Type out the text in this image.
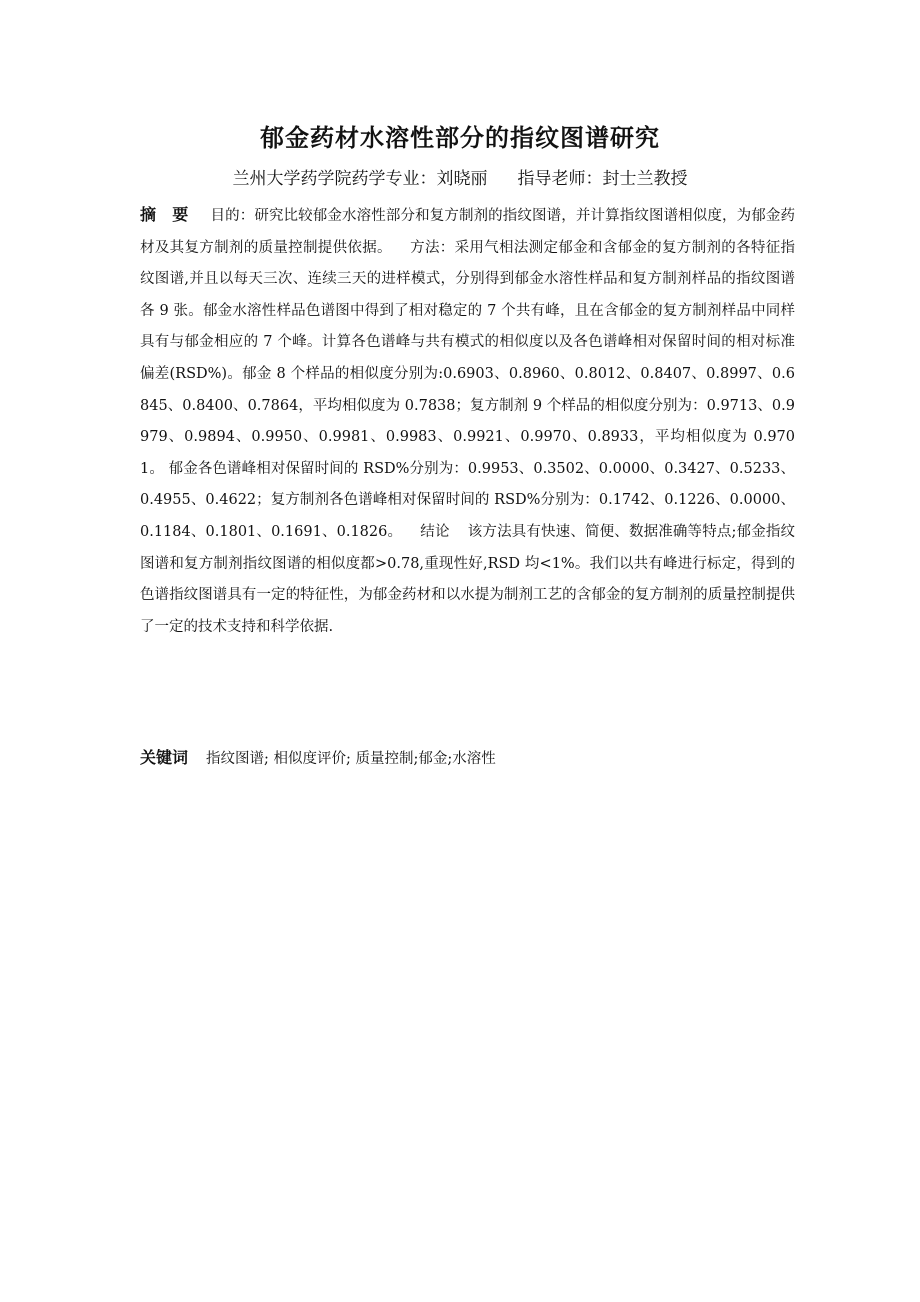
郁金药材水溶性部分的指纹图谱研究

兰州大学药学院药学专业：刘晓丽 指导老师：封士兰教授

摘　要 目的：研究比较郁金水溶性部分和复方制剂的指纹图谱，并计算指纹图谱相似度，为郁金药材及其复方制剂的质量控制提供依据。 方法：采用气相法测定郁金和含郁金的复方制剂的各特征指纹图谱,并且以每天三次、连续三天的进样模式，分别得到郁金水溶性样品和复方制剂样品的指纹图谱各 9 张。郁金水溶性样品色谱图中得到了相对稳定的 7 个共有峰，且在含郁金的复方制剂样品中同样具有与郁金相应的 7 个峰。计算各色谱峰与共有模式的相似度以及各色谱峰相对保留时间的相对标准偏差(RSD%)。郁金 8 个样品的相似度分别为:0.6903、0.8960、0.8012、0.8407、0.8997、0.6845、0.8400、0.7864，平均相似度为 0.7838；复方制剂 9 个样品的相似度分别为：0.9713、0.9979、0.9894、0.9950、0.9981、0.9983、0.9921、0.9970、0.8933，平均相似度为 0.9701。 郁金各色谱峰相对保留时间的 RSD%分别为：0.9953、0.3502、0.0000、0.3427、0.5233、0.4955、0.4622；复方制剂各色谱峰相对保留时间的 RSD%分别为：0.1742、0.1226、0.0000、0.1184、0.1801、0.1691、0.1826。 结论 该方法具有快速、简便、数据准确等特点;郁金指纹图谱和复方制剂指纹图谱的相似度都>0.78,重现性好,RSD 均<1%。我们以共有峰进行标定，得到的色谱指纹图谱具有一定的特征性，为郁金药材和以水提为制剂工艺的含郁金的复方制剂的质量控制提供了一定的技术支持和科学依据.

关键词 指纹图谱; 相似度评价; 质量控制;郁金;水溶性
